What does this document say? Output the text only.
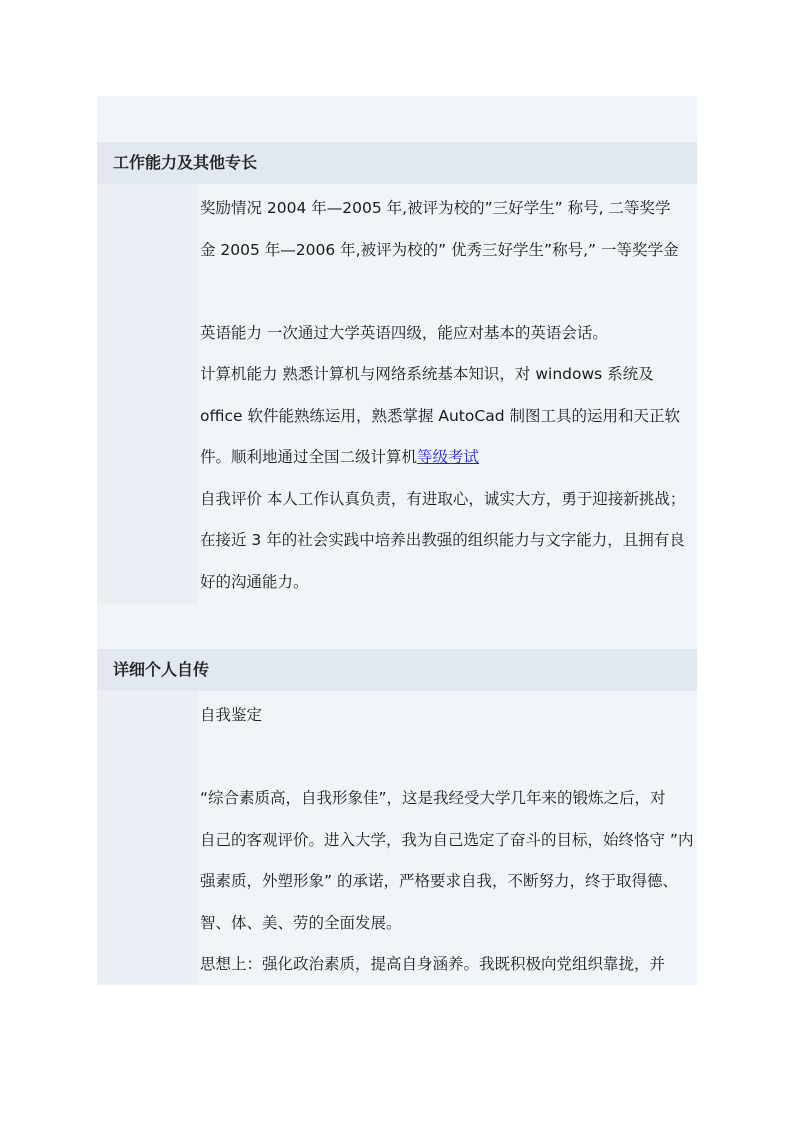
工作能力及其他专长
奖励情况 2004 年—2005 年,被评为校的”三好学生” 称号, 二等奖学
金 2005 年—2006 年,被评为校的” 优秀三好学生”称号,” 一等奖学金
英语能力 一次通过大学英语四级，能应对基本的英语会话。
计算机能力 熟悉计算机与网络系统基本知识，对 windows 系统及
office 软件能熟练运用，熟悉掌握 AutoCad 制图工具的运用和天正软
件。顺利地通过全国二级计算机等级考试
自我评价 本人工作认真负责，有进取心，诚实大方，勇于迎接新挑战；
在接近 3 年的社会实践中培养出教强的组织能力与文字能力，且拥有良
好的沟通能力。
详细个人自传
自我鉴定
“综合素质高，自我形象佳”，这是我经受大学几年来的锻炼之后，对
自己的客观评价。进入大学，我为自己选定了奋斗的目标，始终恪守 ”内
强素质，外塑形象” 的承诺，严格要求自我，不断努力，终于取得德、
智、体、美、劳的全面发展。
思想上：强化政治素质，提高自身涵养。我既积极向党组织靠拢，并
